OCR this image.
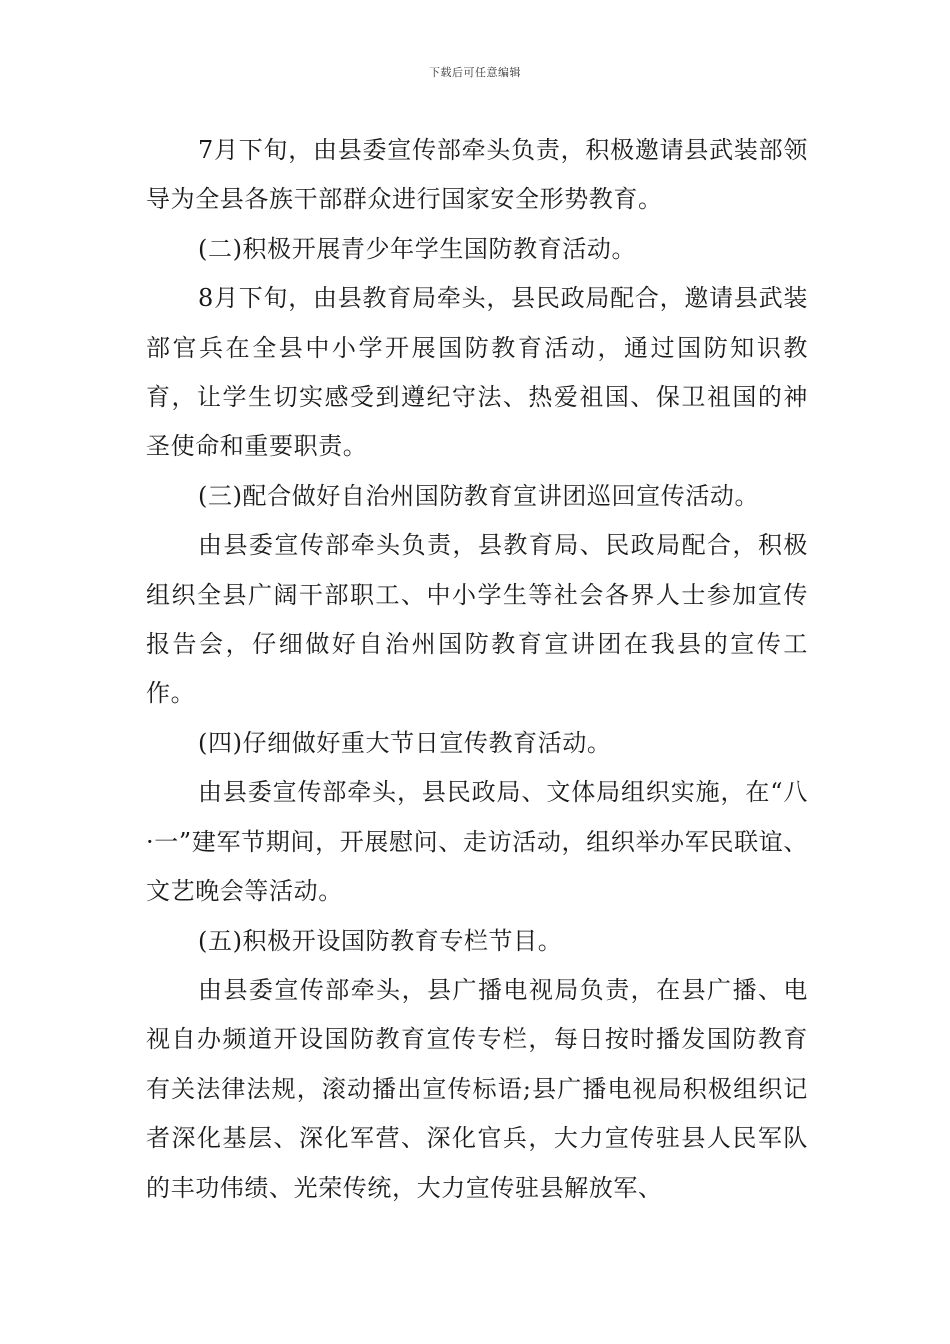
下载后可任意编辑

7月下旬，由县委宣传部牵头负责，积极邀请县武装部领导为全县各族干部群众进行国家安全形势教育。

(二)积极开展青少年学生国防教育活动。

8月下旬，由县教育局牵头，县民政局配合，邀请县武装部官兵在全县中小学开展国防教育活动，通过国防知识教育，让学生切实感受到遵纪守法、热爱祖国、保卫祖国的神圣使命和重要职责。

(三)配合做好自治州国防教育宣讲团巡回宣传活动。

由县委宣传部牵头负责，县教育局、民政局配合，积极组织全县广阔干部职工、中小学生等社会各界人士参加宣传报告会，仔细做好自治州国防教育宣讲团在我县的宣传工作。

(四)仔细做好重大节日宣传教育活动。

由县委宣传部牵头，县民政局、文体局组织实施，在“八·一”建军节期间，开展慰问、走访活动，组织举办军民联谊、文艺晚会等活动。

(五)积极开设国防教育专栏节目。

由县委宣传部牵头，县广播电视局负责，在县广播、电视自办频道开设国防教育宣传专栏，每日按时播发国防教育有关法律法规，滚动播出宣传标语;县广播电视局积极组织记者深化基层、深化军营、深化官兵，大力宣传驻县人民军队的丰功伟绩、光荣传统，大力宣传驻县解放军、
